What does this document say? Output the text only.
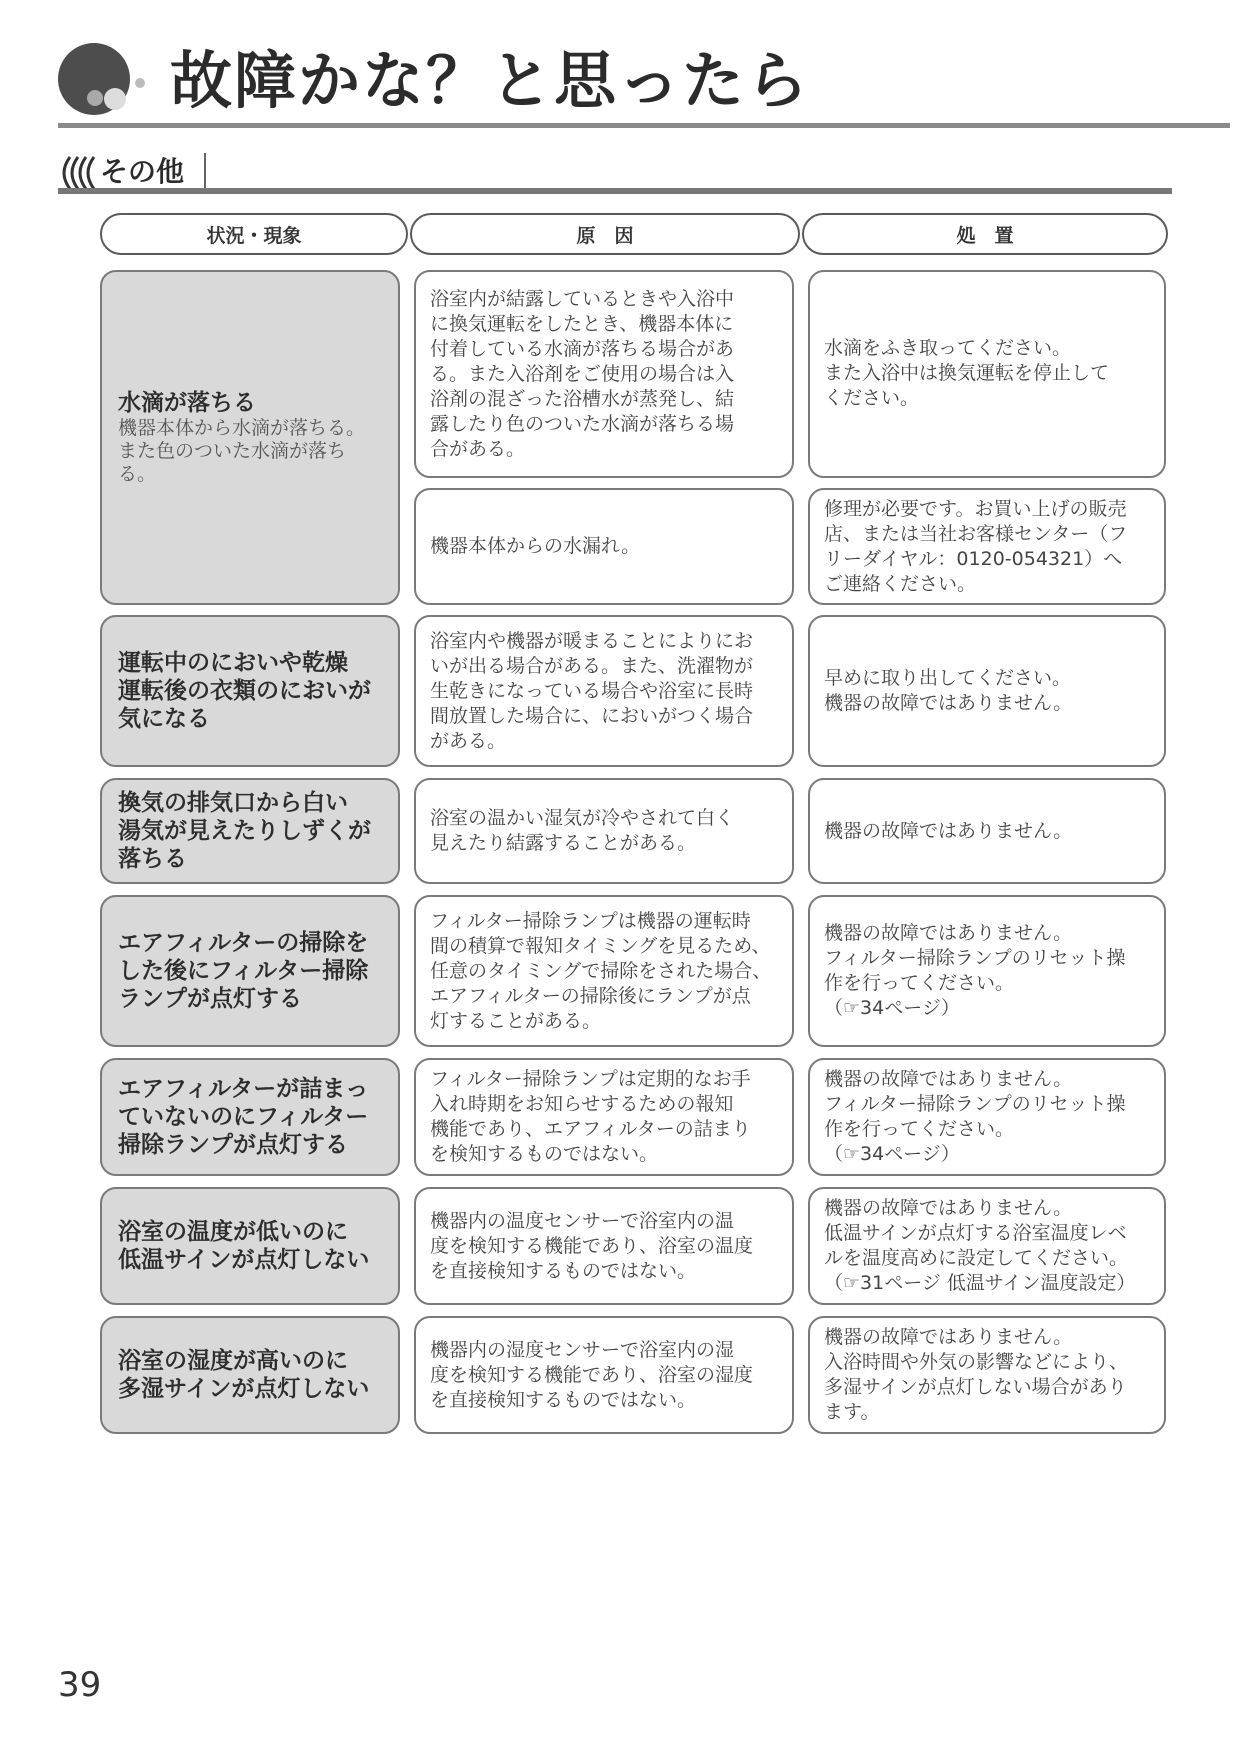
故障かな？と思ったら
その他
状況・現象	原　因	処　置
水滴が落ちる
機器本体から水滴が落ちる。
また色のついた水滴が落ち
る。
浴室内が結露しているときや入浴中
に換気運転をしたとき、機器本体に
付着している水滴が落ちる場合があ
る。また入浴剤をご使用の場合は入
浴剤の混ざった浴槽水が蒸発し、結
露したり色のついた水滴が落ちる場
合がある。
水滴をふき取ってください。
また入浴中は換気運転を停止して
ください。
機器本体からの水漏れ。
修理が必要です。お買い上げの販売
店、または当社お客様センター（フ
リーダイヤル：0120-054321）へ
ご連絡ください。
運転中のにおいや乾燥
運転後の衣類のにおいが
気になる
浴室内や機器が暖まることによりにお
いが出る場合がある。また、洗濯物が
生乾きになっている場合や浴室に長時
間放置した場合に、においがつく場合
がある。
早めに取り出してください。
機器の故障ではありません。
換気の排気口から白い
湯気が見えたりしずくが
落ちる
浴室の温かい湿気が冷やされて白く
見えたり結露することがある。
機器の故障ではありません。
エアフィルターの掃除を
した後にフィルター掃除
ランプが点灯する
フィルター掃除ランプは機器の運転時
間の積算で報知タイミングを見るため、
任意のタイミングで掃除をされた場合、
エアフィルターの掃除後にランプが点
灯することがある。
機器の故障ではありません。
フィルター掃除ランプのリセット操
作を行ってください。
（☞34ページ）
エアフィルターが詰まっ
ていないのにフィルター
掃除ランプが点灯する
フィルター掃除ランプは定期的なお手
入れ時期をお知らせするための報知
機能であり、エアフィルターの詰まり
を検知するものではない。
機器の故障ではありません。
フィルター掃除ランプのリセット操
作を行ってください。
（☞34ページ）
浴室の温度が低いのに
低温サインが点灯しない
機器内の温度センサーで浴室内の温
度を検知する機能であり、浴室の温度
を直接検知するものではない。
機器の故障ではありません。
低温サインが点灯する浴室温度レベ
ルを温度高めに設定してください。
（☞31ページ 低温サイン温度設定）
浴室の湿度が高いのに
多湿サインが点灯しない
機器内の湿度センサーで浴室内の湿
度を検知する機能であり、浴室の湿度
を直接検知するものではない。
機器の故障ではありません。
入浴時間や外気の影響などにより、
多湿サインが点灯しない場合があり
ます。
39
